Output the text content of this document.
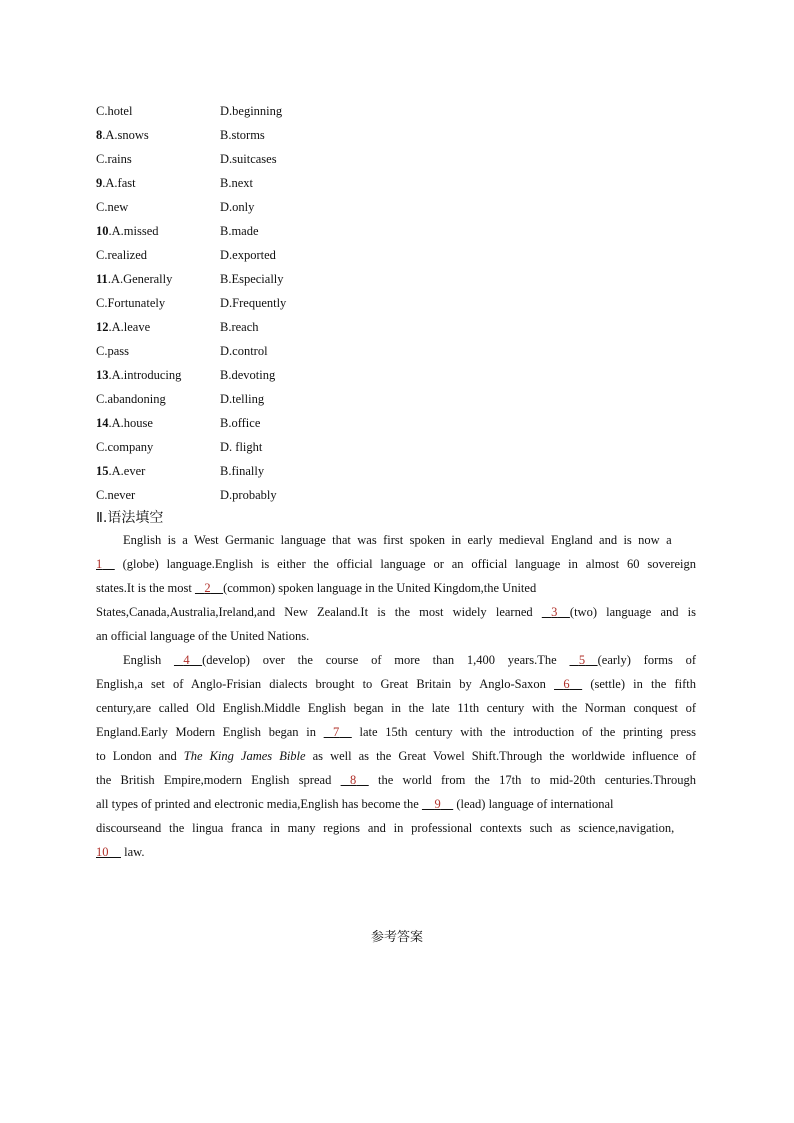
C.hotel	D.beginning
8.A.snows	B.storms
C.rains	D.suitcases
9.A.fast	B.next
C.new	D.only
10.A.missed	B.made
C.realized	D.exported
11.A.Generally	B.Especially
C.Fortunately	D.Frequently
12.A.leave	B.reach
C.pass	D.control
13.A.introducing	B.devoting
C.abandoning	D.telling
14.A.house	B.office
C.company	D. flight
15.A.ever	B.finally
C.never	D.probably
Ⅱ.语法填空
English is a West Germanic language that was first spoken in early medieval England and is now a
1 (globe) language.English is either the official language or an official language in almost 60 sovereign
states.It is the most 2 (common) spoken language in the United Kingdom,the United
States,Canada,Australia,Ireland,and New Zealand.It is the most widely learned 3 (two) language and is
an official language of the United Nations.
English 4 (develop) over the course of more than 1,400 years.The 5 (early) forms of
English,a set of Anglo-Frisian dialects brought to Great Britain by Anglo-Saxon 6 (settle) in the fifth
century,are called Old English.Middle English began in the late 11th century with the Norman conquest of
England.Early Modern English began in 7 late 15th century with the introduction of the printing press
to London and The King James Bible as well as the Great Vowel Shift.Through the worldwide influence of
the British Empire,modern English spread 8 the world from the 17th to mid-20th centuries.Through
all types of printed and electronic media,English has become the 9 (lead) language of international
discourseand the lingua franca in many regions and in professional contexts such as science,navigation,
10 law.
参考答案
